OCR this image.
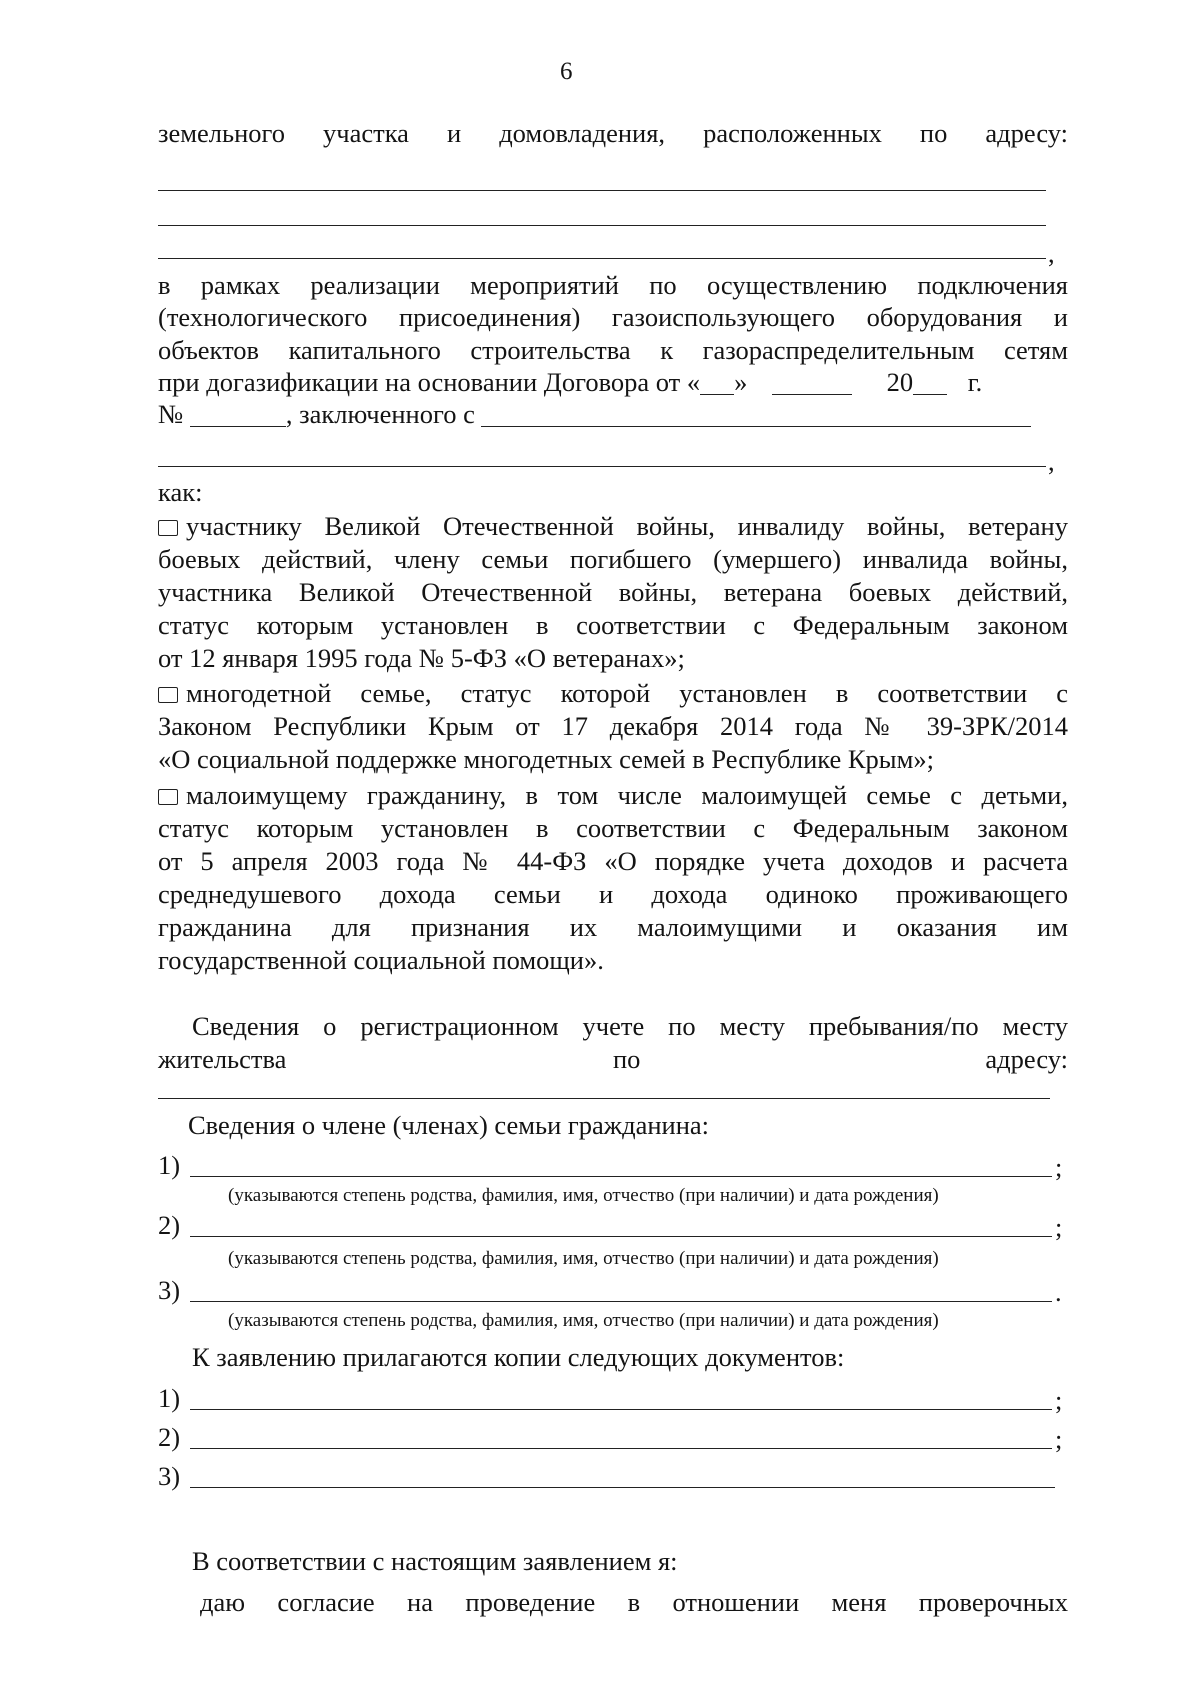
6
земельного участка и домовладения, расположенных по адресу:
,
в рамках реализации мероприятий по осуществлению подключения
(технологического присоединения) газоиспользующего оборудования и
объектов капитального строительства к газораспределительным сетям
при догазификации на основании Договора от « »	20 г.
№	, заключенного с
,
как:
участнику Великой Отечественной войны, инвалиду войны, ветерану
боевых действий, члену семьи погибшего (умершего) инвалида войны,
участника Великой Отечественной войны, ветерана боевых действий,
статус которым установлен в соответствии с Федеральным законом
от 12 января 1995 года № 5-ФЗ «О ветеранах»;
многодетной семье, статус которой установлен в соответствии с
Законом Республики Крым от 17 декабря 2014 года № 39-ЗРК/2014
«О социальной поддержке многодетных семей в Республике Крым»;
малоимущему гражданину, в том числе малоимущей семье с детьми,
статус которым установлен в соответствии с Федеральным законом
от 5 апреля 2003 года № 44-ФЗ «О порядке учета доходов и расчета
среднедушевого дохода семьи и дохода одиноко проживающего
гражданина для признания их малоимущими и оказания им
государственной социальной помощи».
Сведения о регистрационном учете по месту пребывания/по месту
жительства	по	адресу:
Сведения о члене (членах) семьи гражданина:
1)	;
(указываются степень родства, фамилия, имя, отчество (при наличии) и дата рождения)
2)	;
(указываются степень родства, фамилия, имя, отчество (при наличии) и дата рождения)
3)	.
(указываются степень родства, фамилия, имя, отчество (при наличии) и дата рождения)
К заявлению прилагаются копии следующих документов:
1)	;
2)	;
3)
В соответствии с настоящим заявлением я:
даю согласие на проведение в отношении меня проверочных
